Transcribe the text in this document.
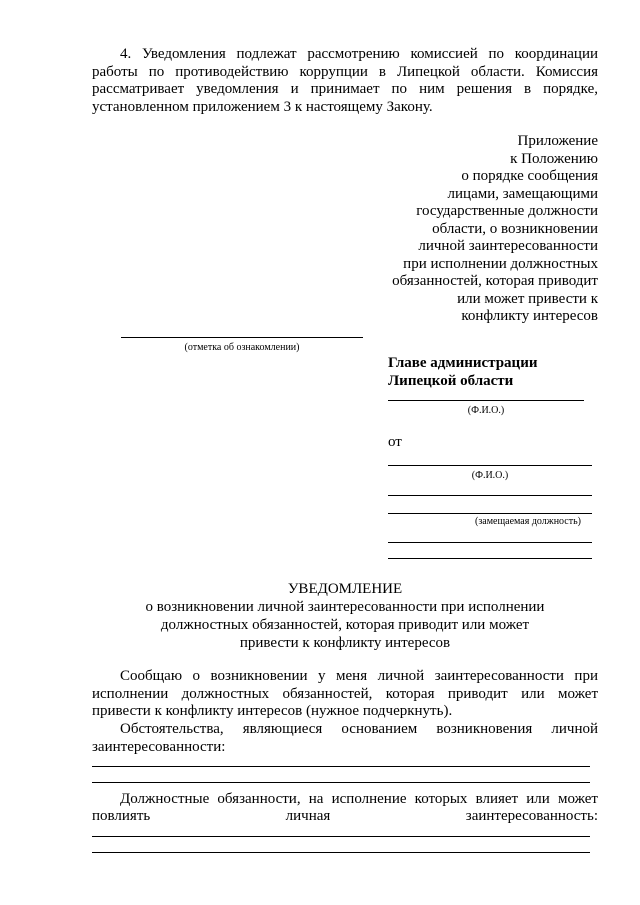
4. Уведомления подлежат рассмотрению комиссией по координации работы по противодействию коррупции в Липецкой области. Комиссия рассматривает уведомления и принимает по ним решения в порядке, установленном приложением 3 к настоящему Закону.

Приложение
к Положению
о порядке сообщения
лицами, замещающими
государственные должности
области, о возникновении
личной заинтересованности
при исполнении должностных
обязанностей, которая приводит
или может привести к
конфликту интересов
(отметка об ознакомлении)
Главе администрации
Липецкой области
(Ф.И.О.)
от
(Ф.И.О.)
(замещаемая должность)
УВЕДОМЛЕНИЕ
о возникновении личной заинтересованности при исполнении
должностных обязанностей, которая приводит или может
привести к конфликту интересов

Сообщаю о возникновении у меня личной заинтересованности при исполнении должностных обязанностей, которая приводит или может привести к конфликту интересов (нужное подчеркнуть).

Обстоятельства, являющиеся основанием возникновения личной заинтересованности:

Должностные обязанности, на исполнение которых влияет или может
повлиять	личная	заинтересованность:
